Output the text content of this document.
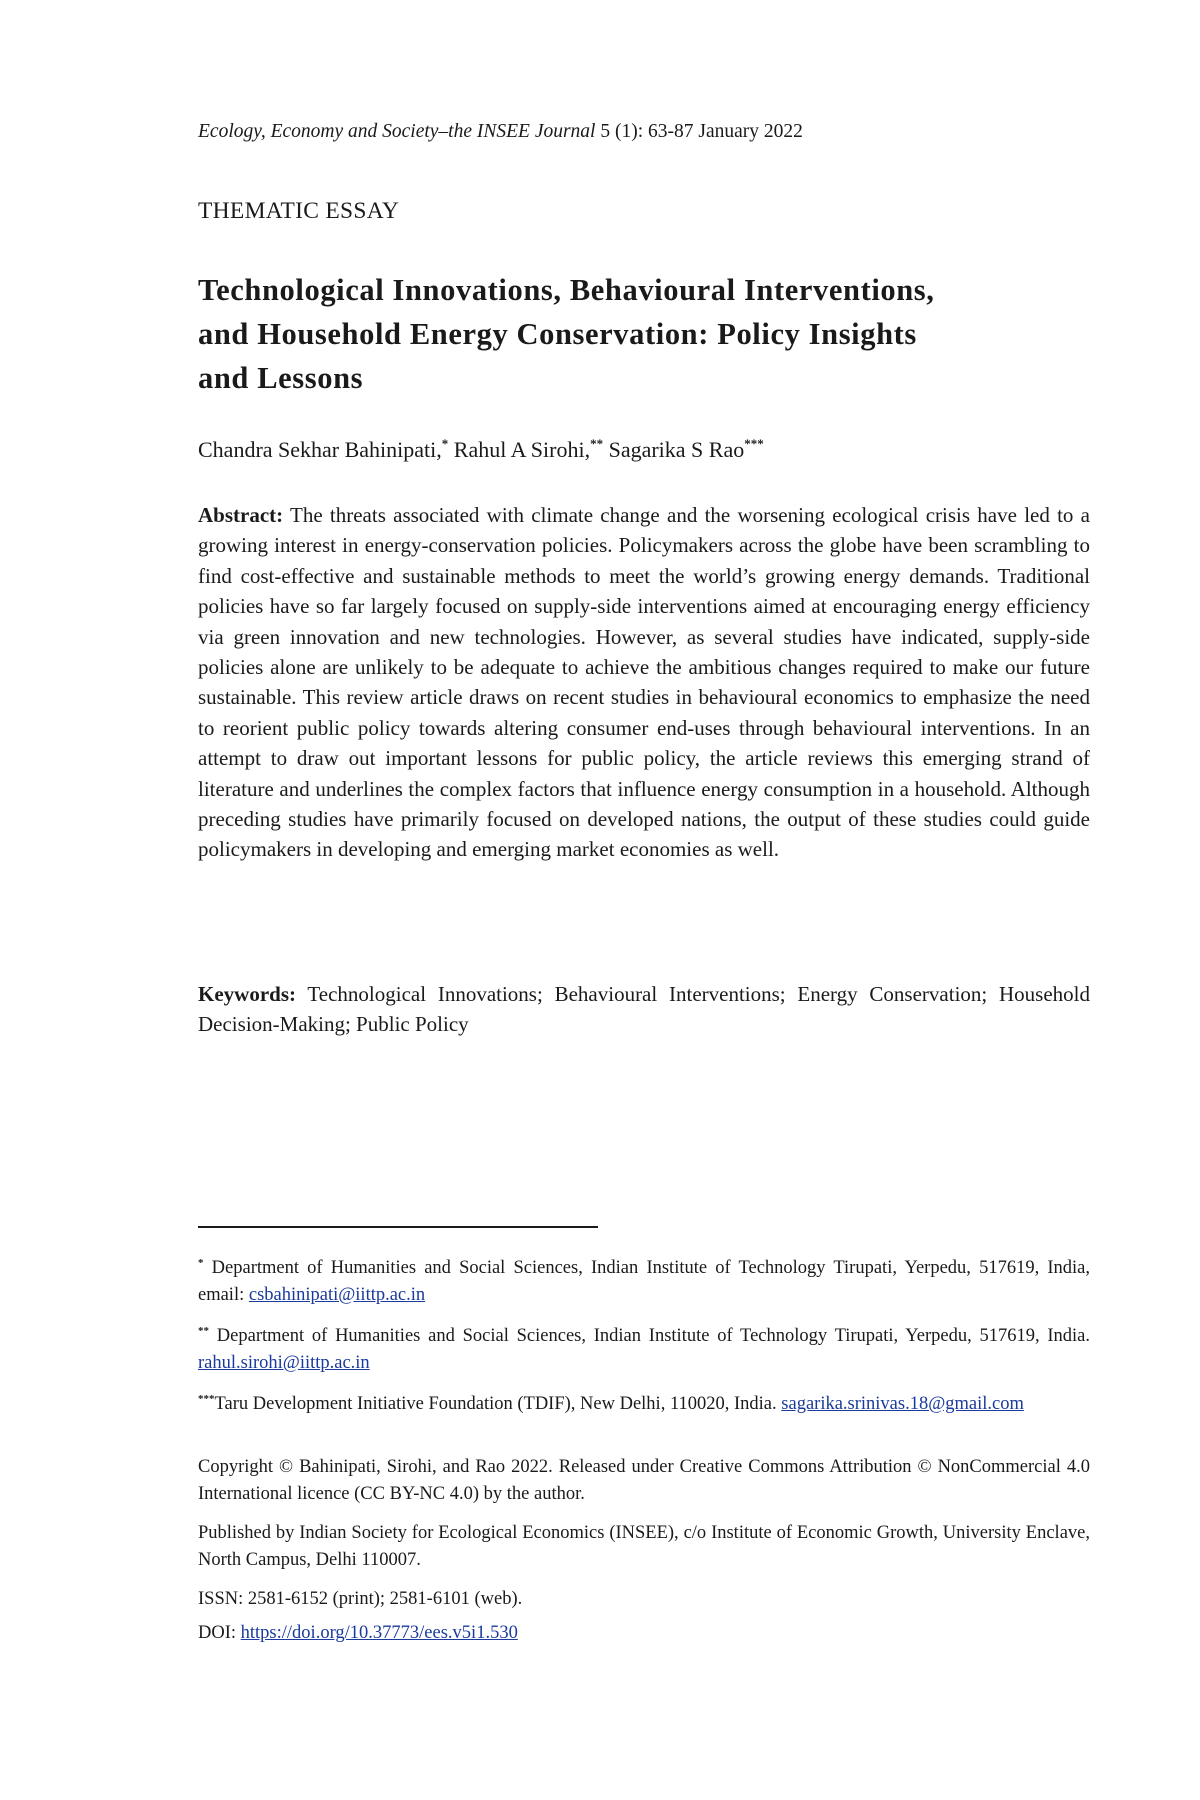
Ecology, Economy and Society–the INSEE Journal 5 (1): 63-87 January 2022
THEMATIC ESSAY
Technological Innovations, Behavioural Interventions,
and Household Energy Conservation: Policy Insights
and Lessons
Chandra Sekhar Bahinipati,* Rahul A Sirohi,** Sagarika S Rao***
Abstract: The threats associated with climate change and the worsening ecological crisis have led to a growing interest in energy-conservation policies. Policymakers across the globe have been scrambling to find cost-effective and sustainable methods to meet the world’s growing energy demands. Traditional policies have so far largely focused on supply-side interventions aimed at encouraging energy efficiency via green innovation and new technologies. However, as several studies have indicated, supply-side policies alone are unlikely to be adequate to achieve the ambitious changes required to make our future sustainable. This review article draws on recent studies in behavioural economics to emphasize the need to reorient public policy towards altering consumer end-uses through behavioural interventions. In an attempt to draw out important lessons for public policy, the article reviews this emerging strand of literature and underlines the complex factors that influence energy consumption in a household. Although preceding studies have primarily focused on developed nations, the output of these studies could guide policymakers in developing and emerging market economies as well.
Keywords: Technological Innovations; Behavioural Interventions; Energy Conservation; Household Decision-Making; Public Policy
* Department of Humanities and Social Sciences, Indian Institute of Technology Tirupati, Yerpedu, 517619, India, email: csbahinipati@iittp.ac.in
** Department of Humanities and Social Sciences, Indian Institute of Technology Tirupati, Yerpedu, 517619, India. rahul.sirohi@iittp.ac.in
***Taru Development Initiative Foundation (TDIF), New Delhi, 110020, India. sagarika.srinivas.18@gmail.com
Copyright © Bahinipati, Sirohi, and Rao 2022. Released under Creative Commons Attribution © NonCommercial 4.0 International licence (CC BY-NC 4.0) by the author.
Published by Indian Society for Ecological Economics (INSEE), c/o Institute of Economic Growth, University Enclave, North Campus, Delhi 110007.
ISSN: 2581-6152 (print); 2581-6101 (web).
DOI: https://doi.org/10.37773/ees.v5i1.530
